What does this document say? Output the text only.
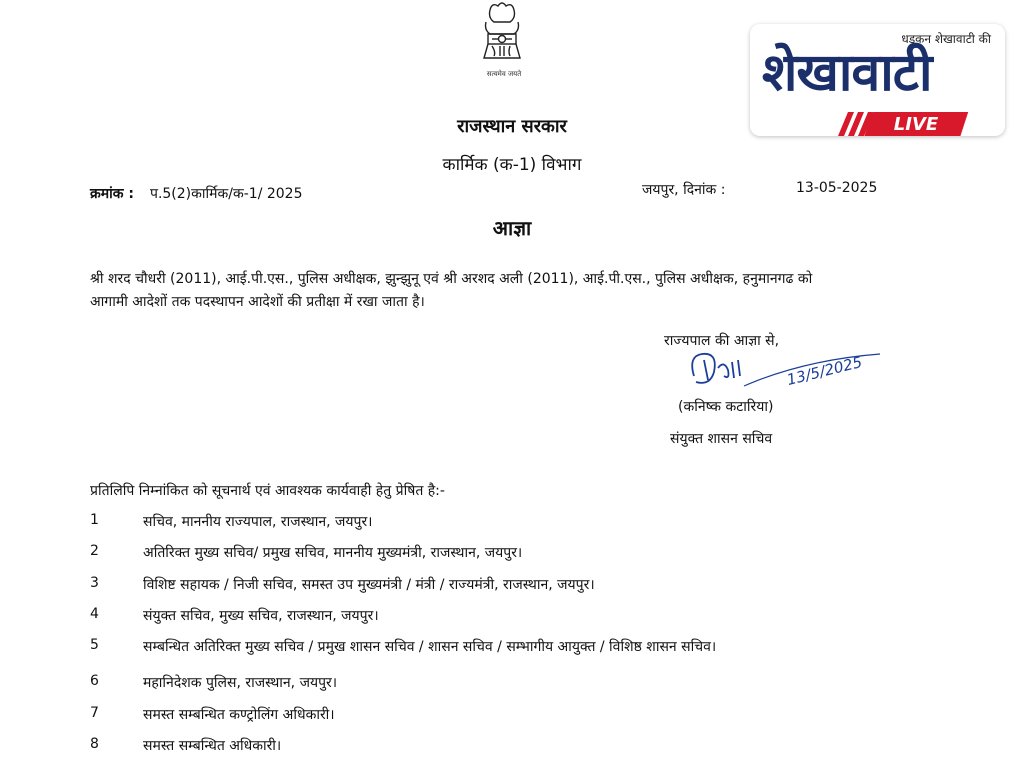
सत्यमेव जयते
धड़कन शेखावाटी की
शेखावाटी
LIVE
राजस्थान सरकार
कार्मिक (क-1) विभाग
क्रमांक : प.5(2)कार्मिक/क-1/ 2025	जयपुर, दिनांक :	13-05-2025
आज्ञा
श्री शरद चौधरी (2011), आई.पी.एस., पुलिस अधीक्षक, झुन्झुनू एवं श्री अरशद अली (2011), आई.पी.एस., पुलिस अधीक्षक, हनुमानगढ को
आगामी आदेशों तक पदस्थापन आदेशों की प्रतीक्षा में रखा जाता है।
राज्यपाल की आज्ञा से,
13/5/2025
(कनिष्क कटारिया)
संयुक्त शासन सचिव
प्रतिलिपि निम्नांकित को सूचनार्थ एवं आवश्यक कार्यवाही हेतु प्रेषित है:-
1	सचिव, माननीय राज्यपाल, राजस्थान, जयपुर।
2	अतिरिक्त मुख्य सचिव/ प्रमुख सचिव, माननीय मुख्यमंत्री, राजस्थान, जयपुर।
3	विशिष्ट सहायक / निजी सचिव, समस्त उप मुख्यमंत्री / मंत्री / राज्यमंत्री, राजस्थान, जयपुर।
4	संयुक्त सचिव, मुख्य सचिव, राजस्थान, जयपुर।
5	सम्बन्धित अतिरिक्त मुख्य सचिव / प्रमुख शासन सचिव / शासन सचिव / सम्भागीय आयुक्त / विशिष्ठ शासन सचिव।
6	महानिदेशक पुलिस, राजस्थान, जयपुर।
7	समस्त सम्बन्धित कण्ट्रोलिंग अधिकारी।
8	समस्त सम्बन्धित अधिकारी।
